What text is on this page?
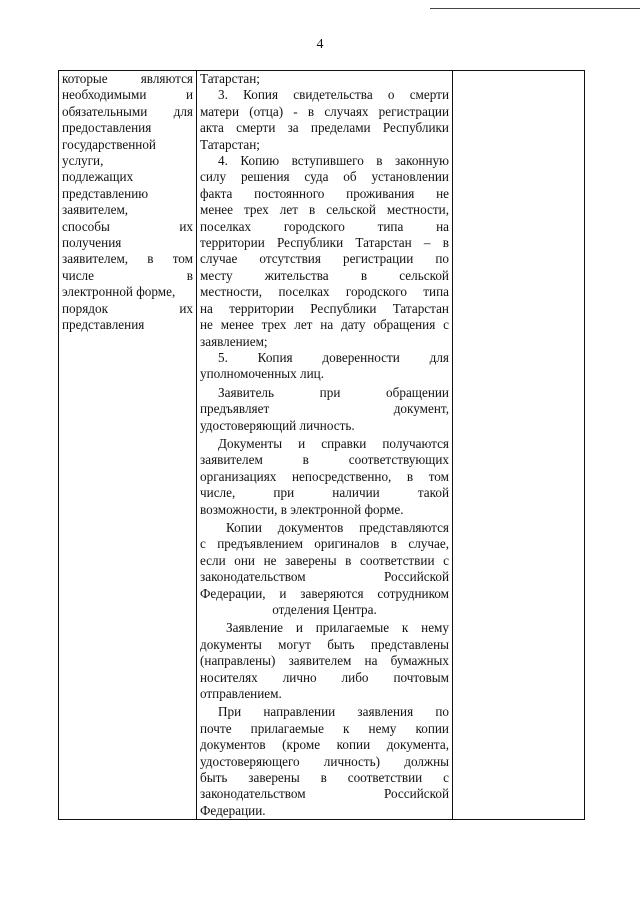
4
которые являются
необходимыми и
обязательными для
предоставления
государственной
услуги,
подлежащих
представлению
заявителем,
способы их
получения
заявителем, в том
числе в
электронной форме,
порядок их
представления

Татарстан;
3. Копия свидетельства о смерти
матери (отца) - в случаях регистрации
акта смерти за пределами Республики
Татарстан;
4. Копию вступившего в законную
силу решения суда об установлении
факта постоянного проживания не
менее трех лет в сельской местности,
поселках городского типа на
территории Республики Татарстан – в
случае отсутствия регистрации по
месту жительства в сельской
местности, поселках городского типа
на территории Республики Татарстан
не менее трех лет на дату обращения с
заявлением;
5. Копия доверенности для
уполномоченных лиц.
Заявитель при обращении
предъявляет документ,
удостоверяющий личность.
Документы и справки получаются
заявителем в соответствующих
организациях непосредственно, в том
числе, при наличии такой
возможности, в электронной форме.
Копии документов представляются
с предъявлением оригиналов в случае,
если они не заверены в соответствии с
законодательством Российской
Федерации, и заверяются сотрудником
отделения Центра.
Заявление и прилагаемые к нему
документы могут быть представлены
(направлены) заявителем на бумажных
носителях лично либо почтовым
отправлением.
При направлении заявления по
почте прилагаемые к нему копии
документов (кроме копии документа,
удостоверяющего личность) должны
быть заверены в соответствии с
законодательством Российской
Федерации.
